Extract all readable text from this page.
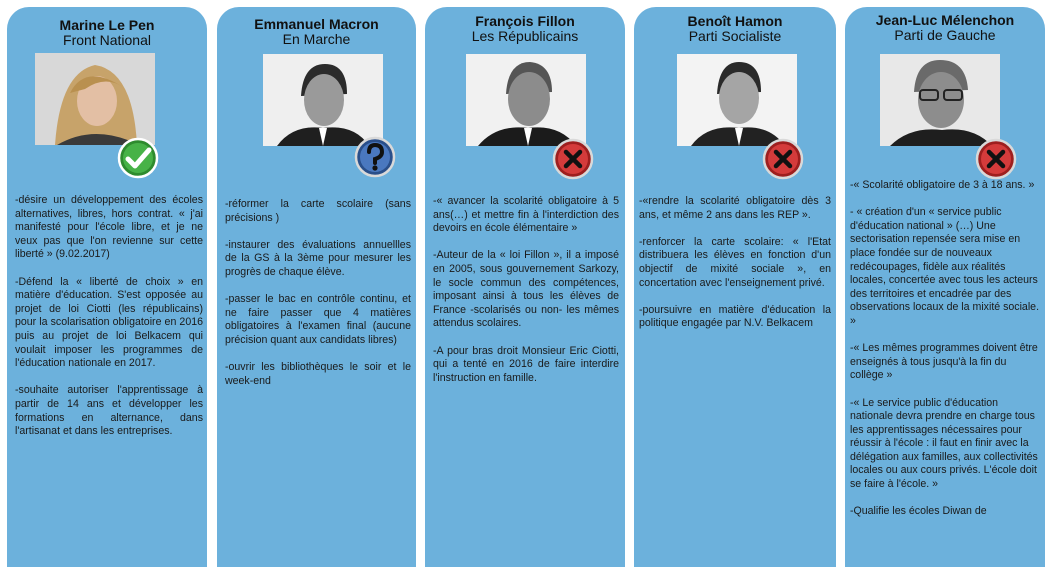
Marine Le Pen
Front National

-désire un développement des écoles alternatives, libres, hors contrat. « j'ai manifesté pour l'école libre, et je ne veux pas que l'on revienne sur cette liberté » (9.02.2017)

-Défend la « liberté de choix » en matière d'éducation. S'est opposée au projet de loi Ciotti (les républicains) pour la scolarisation obligatoire en 2016 puis au projet de loi Belkacem qui voulait imposer les programmes de l'éducation nationale en 2017.

-souhaite autoriser l'apprentissage à partir de 14 ans et développer les formations en alternance, dans l'artisanat et dans les entreprises.

Emmanuel Macron
En Marche

-réformer la carte scolaire (sans précisions )

-instaurer des évaluations annuellles de la GS à la 3ème pour mesurer les progrès de chaque élève.

-passer le bac en contrôle continu, et ne faire passer que 4 matières obligatoires à l'examen final (aucune précision quant aux candidats libres)

-ouvrir les bibliothèques le soir et le week-end

François Fillon
Les Républicains

-« avancer la scolarité obligatoire à 5 ans(…) et mettre fin à l'interdiction des devoirs en école élémentaire »

-Auteur de la « loi Fillon », il a imposé en 2005, sous gouvernement Sarkozy, le socle commun des compétences, imposant ainsi à tous les élèves de France -scolarisés ou non- les mêmes attendus scolaires.

-A pour bras droit Monsieur Eric Ciotti, qui a tenté en 2016 de faire interdire l'instruction en famille.

Benoît Hamon
Parti Socialiste

-«rendre la scolarité obligatoire dès 3 ans, et même 2 ans dans les REP ».

-renforcer la carte scolaire: « l'Etat distribuera les élèves en fonction d'un objectif de mixité sociale », en concertation avec l'enseignement privé.

-poursuivre en matière d'éducation la politique engagée par N.V. Belkacem

Jean-Luc Mélenchon
Parti de Gauche

-« Scolarité obligatoire de 3 à 18 ans. »

- « création d'un « service public d'éducation national » (…) Une sectorisation repensée sera mise en place fondée sur de nouveaux redécoupages, fidèle aux réalités locales, concertée avec tous les acteurs des territoires et encadrée par des observations locaux de la mixité sociale. »

-« Les mêmes programmes doivent être enseignés à tous jusqu'à la fin du collège »

-« Le service public d'éducation nationale devra prendre en charge tous les apprentissages nécessaires pour réussir à l'école : il faut en finir avec la délégation aux familles, aux collectivités locales ou aux cours privés. L'école doit se faire à l'école. »

-Qualifie les écoles Diwan de
